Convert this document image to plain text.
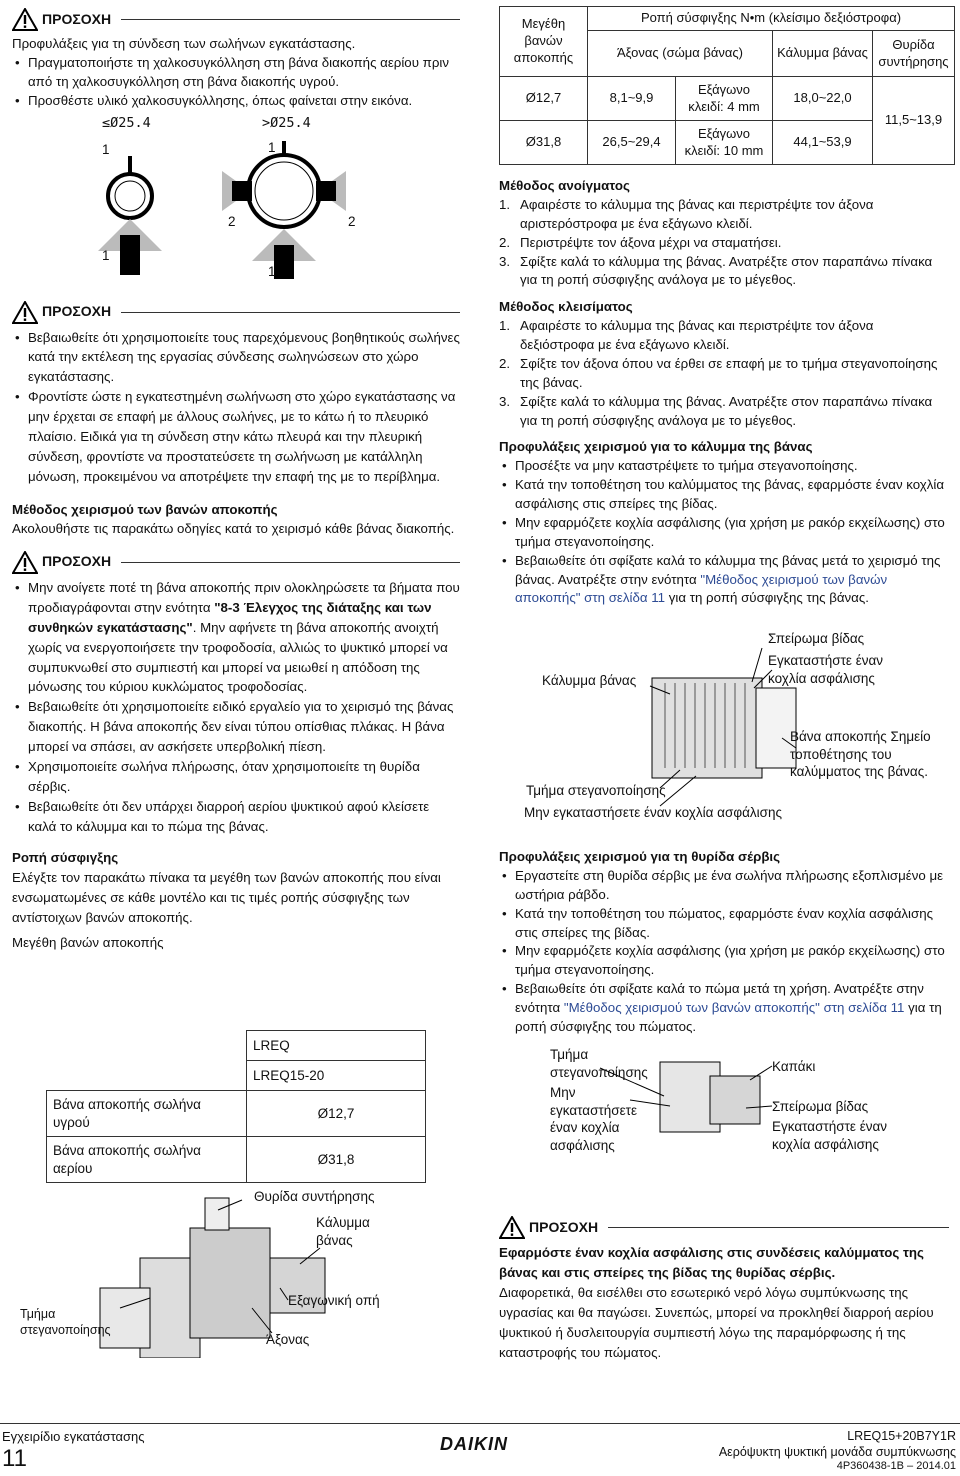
ΠΡΟΣΟΧΗ
Προφυλάξεις για τη σύνδεση των σωλήνων εγκατάστασης.
• Πραγματοποιήστε τη χαλκοσυγκόλληση στη βάνα διακοπής αερίου πριν από τη χαλκοσυγκόλληση στη βάνα διακοπής υγρού.
• Προσθέστε υλικό χαλκοσυγκόλλησης, όπως φαίνεται στην εικόνα.
≤Ø25.4	>Ø25.4
1
1
1
1
2	2
ΠΡΟΣΟΧΗ
• Βεβαιωθείτε ότι χρησιμοποιείτε τους παρεχόμενους βοηθητικούς σωλήνες κατά την εκτέλεση της εργασίας σύνδεσης σωληνώσεων στο χώρο εγκατάστασης.
• Φροντίστε ώστε η εγκατεστημένη σωλήνωση στο χώρο εγκατάστασης να μην έρχεται σε επαφή με άλλους σωλήνες, με το κάτω ή το πλευρικό πλαίσιο. Ειδικά για τη σύνδεση στην κάτω πλευρά και την πλευρική σύνδεση, φροντίστε να προστατεύσετε τη σωλήνωση με κατάλληλη μόνωση, προκειμένου να αποτρέψετε την επαφή της με το περίβλημα.
Μέθοδος χειρισμού των βανών αποκοπής
Ακολουθήστε τις παρακάτω οδηγίες κατά το χειρισμό κάθε βάνας διακοπής.
ΠΡΟΣΟΧΗ
• Μην ανοίγετε ποτέ τη βάνα αποκοπής πριν ολοκληρώσετε τα βήματα που προδιαγράφονται στην ενότητα "8-3 Έλεγχος της διάταξης και των συνθηκών εγκατάστασης". Μην αφήνετε τη βάνα αποκοπής ανοιχτή χωρίς να ενεργοποιήσετε την τροφοδοσία, αλλιώς το ψυκτικό μπορεί να συμπυκνωθεί στο συμπιεστή και μπορεί να μειωθεί η απόδοση της μόνωσης του κύριου κυκλώματος τροφοδοσίας.
• Βεβαιωθείτε ότι χρησιμοποιείτε ειδικό εργαλείο για το χειρισμό της βάνας διακοπής. Η βάνα αποκοπής δεν είναι τύπου οπίσθιας πλάκας. Η βάνα μπορεί να σπάσει, αν ασκήσετε υπερβολική πίεση.
• Χρησιμοποιείτε σωλήνα πλήρωσης, όταν χρησιμοποιείτε τη θυρίδα σέρβις.
• Βεβαιωθείτε ότι δεν υπάρχει διαρροή αερίου ψυκτικού αφού κλείσετε καλά το κάλυμμα και το πώμα της βάνας.
Ροπή σύσφιγξης
Ελέγξτε τον παρακάτω πίνακα τα μεγέθη των βανών αποκοπής που είναι ενσωματωμένες σε κάθε μοντέλο και τις τιμές ροπής σύσφιγξης των αντίστοιχων βανών αποκοπής.
Μεγέθη βανών αποκοπής
	LREQ
	LREQ15-20
Βάνα αποκοπής σωλήνα υγρού	Ø12,7
Βάνα αποκοπής σωλήνα αερίου	Ø31,8
Θυρίδα συντήρησης
Κάλυμμα βάνας
Εξαγωνική οπή
Άξονας
Τμήμα στεγανοποίησης
Μεγέθη βανών αποκοπής	Ροπή σύσφιγξης N•m (κλείσιμο δεξιόστροφα)			
	Άξονας (σώμα βάνας)		Κάλυμμα βάνας	Θυρίδα συντήρησης
Ø12,7	8,1~9,9	Εξάγωνο κλειδί: 4 mm	18,0~22,0	11,5~13,9
Ø31,8	26,5~29,4	Εξάγωνο κλειδί: 10 mm	44,1~53,9	
Μέθοδος ανοίγματος
1. Αφαιρέστε το κάλυμμα της βάνας και περιστρέψτε τον άξονα αριστερόστροφα με ένα εξάγωνο κλειδί.
2. Περιστρέψτε τον άξονα μέχρι να σταματήσει.
3. Σφίξτε καλά το κάλυμμα της βάνας. Ανατρέξτε στον παραπάνω πίνακα για τη ροπή σύσφιγξης ανάλογα με το μέγεθος.
Μέθοδος κλεισίματος
1. Αφαιρέστε το κάλυμμα της βάνας και περιστρέψτε τον άξονα δεξιόστροφα με ένα εξάγωνο κλειδί.
2. Σφίξτε τον άξονα όπου να έρθει σε επαφή με το τμήμα στεγανοποίησης της βάνας.
3. Σφίξτε καλά το κάλυμμα της βάνας. Ανατρέξτε στον παραπάνω πίνακα για τη ροπή σύσφιγξης ανάλογα με το μέγεθος.
Προφυλάξεις χειρισμού για το κάλυμμα της βάνας
• Προσέξτε να μην καταστρέψετε το τμήμα στεγανοποίησης.
• Κατά την τοποθέτηση του καλύμματος της βάνας, εφαρμόστε έναν κοχλία ασφάλισης στις σπείρες της βίδας.
• Μην εφαρμόζετε κοχλία ασφάλισης (για χρήση με ρακόρ εκχείλωσης) στο τμήμα στεγανοποίησης.
• Βεβαιωθείτε ότι σφίξατε καλά το κάλυμμα της βάνας μετά το χειρισμό της βάνας. Ανατρέξτε στην ενότητα "Μέθοδος χειρισμού των βανών αποκοπής" στη σελίδα 11 για τη ροπή σύσφιγξης της βάνας.
Σπείρωμα βίδας
Εγκαταστήστε έναν κοχλία ασφάλισης
Κάλυμμα βάνας
Βάνα αποκοπής Σημείο τοποθέτησης του καλύμματος της βάνας.
Τμήμα στεγανοποίησης
Μην εγκαταστήσετε έναν κοχλία ασφάλισης
Προφυλάξεις χειρισμού για τη θυρίδα σέρβις
• Εργαστείτε στη θυρίδα σέρβις με ένα σωλήνα πλήρωσης εξοπλισμένο με ωστήρια ράβδο.
• Κατά την τοποθέτηση του πώματος, εφαρμόστε έναν κοχλία ασφάλισης στις σπείρες της βίδας.
• Μην εφαρμόζετε κοχλία ασφάλισης (για χρήση με ρακόρ εκχείλωσης) στο τμήμα στεγανοποίησης.
• Βεβαιωθείτε ότι σφίξατε καλά το πώμα μετά τη χρήση. Ανατρέξτε στην ενότητα "Μέθοδος χειρισμού των βανών αποκοπής" στη σελίδα 11 για τη ροπή σύσφιγξης του πώματος.
Τμήμα στεγανοποίησης
Μην εγκαταστήσετε έναν κοχλία ασφάλισης
Καπάκι
Σπείρωμα βίδας
Εγκαταστήστε έναν κοχλία ασφάλισης
ΠΡΟΣΟΧΗ
Εφαρμόστε έναν κοχλία ασφάλισης στις συνδέσεις καλύμματος της βάνας και στις σπείρες της βίδας της θυρίδας σέρβις.
Διαφορετικά, θα εισέλθει στο εσωτερικό νερό λόγω συμπύκνωσης της υγρασίας και θα παγώσει. Συνεπώς, μπορεί να προκληθεί διαρροή αερίου ψυκτικού ή δυσλειτουργία συμπιεστή λόγω της παραμόρφωσης ή της καταστροφής του πώματος.
Εγχειρίδιο εγκατάστασης
11
DAIKIN	LREQ15+20B7Y1R
Αερόψυκτη ψυκτική μονάδα συμπύκνωσης
4P360438-1B – 2014.01
